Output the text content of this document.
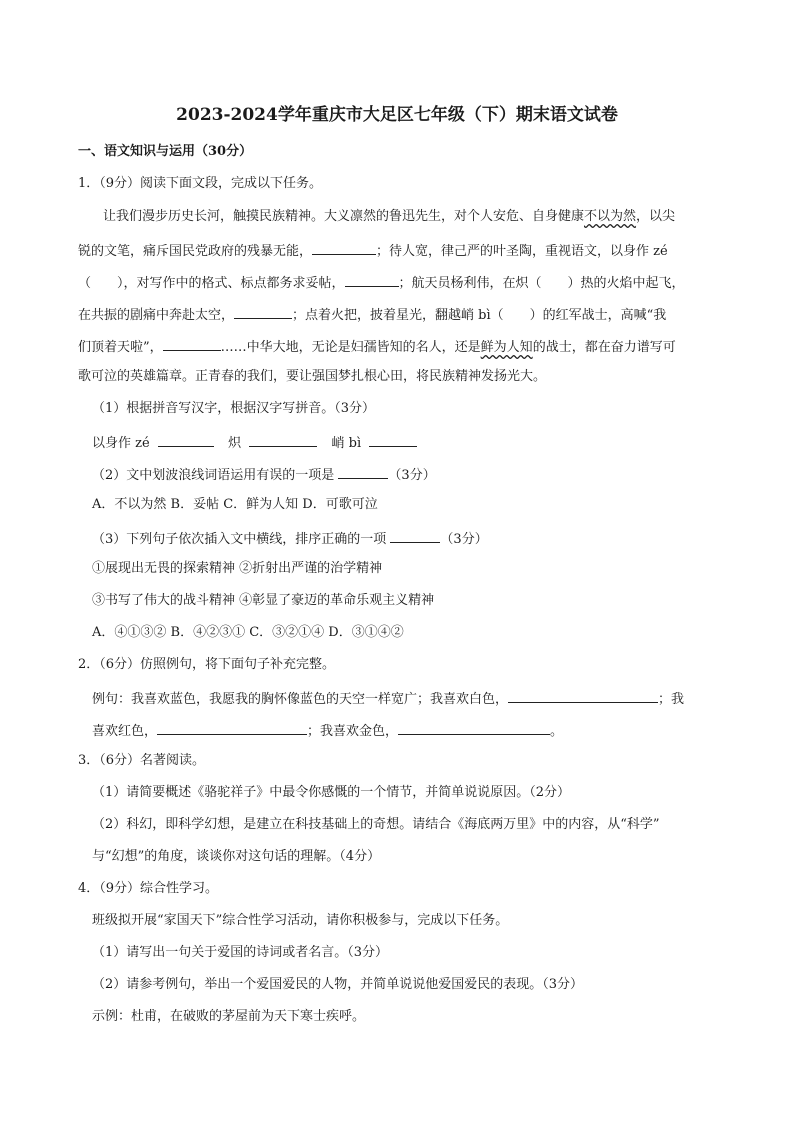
2023-2024学年重庆市大足区七年级（下）期末语文试卷
一、语文知识与运用（30分）
1．（9分）阅读下面文段，完成以下任务。
让我们漫步历史长河，触摸民族精神。大义凛然的鲁迅先生，对个人安危、自身健康不以为然，以尖
锐的文笔，痛斥国民党政府的残暴无能，	；待人宽，律己严的叶圣陶，重视语文，以身作 zé
（　　），对写作中的格式、标点都务求妥帖，	；航天员杨利伟，在炽（　　）热的火焰中起飞，
在共振的剧痛中奔赴太空，	；点着火把，披着星光，翻越峭 bì（　　）的红军战士，高喊“我
们顶着天啦”，	……中华大地，无论是妇孺皆知的名人，还是鲜为人知的战士，都在奋力谱写可
歌可泣的英雄篇章。正青春的我们，要让强国梦扎根心田，将民族精神发扬光大。
（1）根据拼音写汉字，根据汉字写拼音。（3分）
以身作 zé	炽	峭 bì
（2）文中划波浪线词语运用有误的一项是	（3分）
A．不以为然 B．妥帖 C．鲜为人知 D．可歌可泣
（3）下列句子依次插入文中横线，排序正确的一项	（3分）
①展现出无畏的探索精神 ②折射出严谨的治学精神
③书写了伟大的战斗精神 ④彰显了豪迈的革命乐观主义精神
A．④①③② B．④②③① C．③②①④ D．③①④②
2．（6分）仿照例句，将下面句子补充完整。
例句：我喜欢蓝色，我愿我的胸怀像蓝色的天空一样宽广；我喜欢白色，	；我
喜欢红色，	；我喜欢金色，	。
3．（6分）名著阅读。
（1）请简要概述《骆驼祥子》中最令你感慨的一个情节，并简单说说原因。（2分）
（2）科幻，即科学幻想，是建立在科技基础上的奇想。请结合《海底两万里》中的内容，从“科学”
与“幻想”的角度，谈谈你对这句话的理解。（4分）
4．（9分）综合性学习。
班级拟开展“家国天下”综合性学习活动，请你积极参与，完成以下任务。
（1）请写出一句关于爱国的诗词或者名言。（3分）
（2）请参考例句，举出一个爱国爱民的人物，并简单说说他爱国爱民的表现。（3分）
示例：杜甫，在破败的茅屋前为天下寒士疾呼。
